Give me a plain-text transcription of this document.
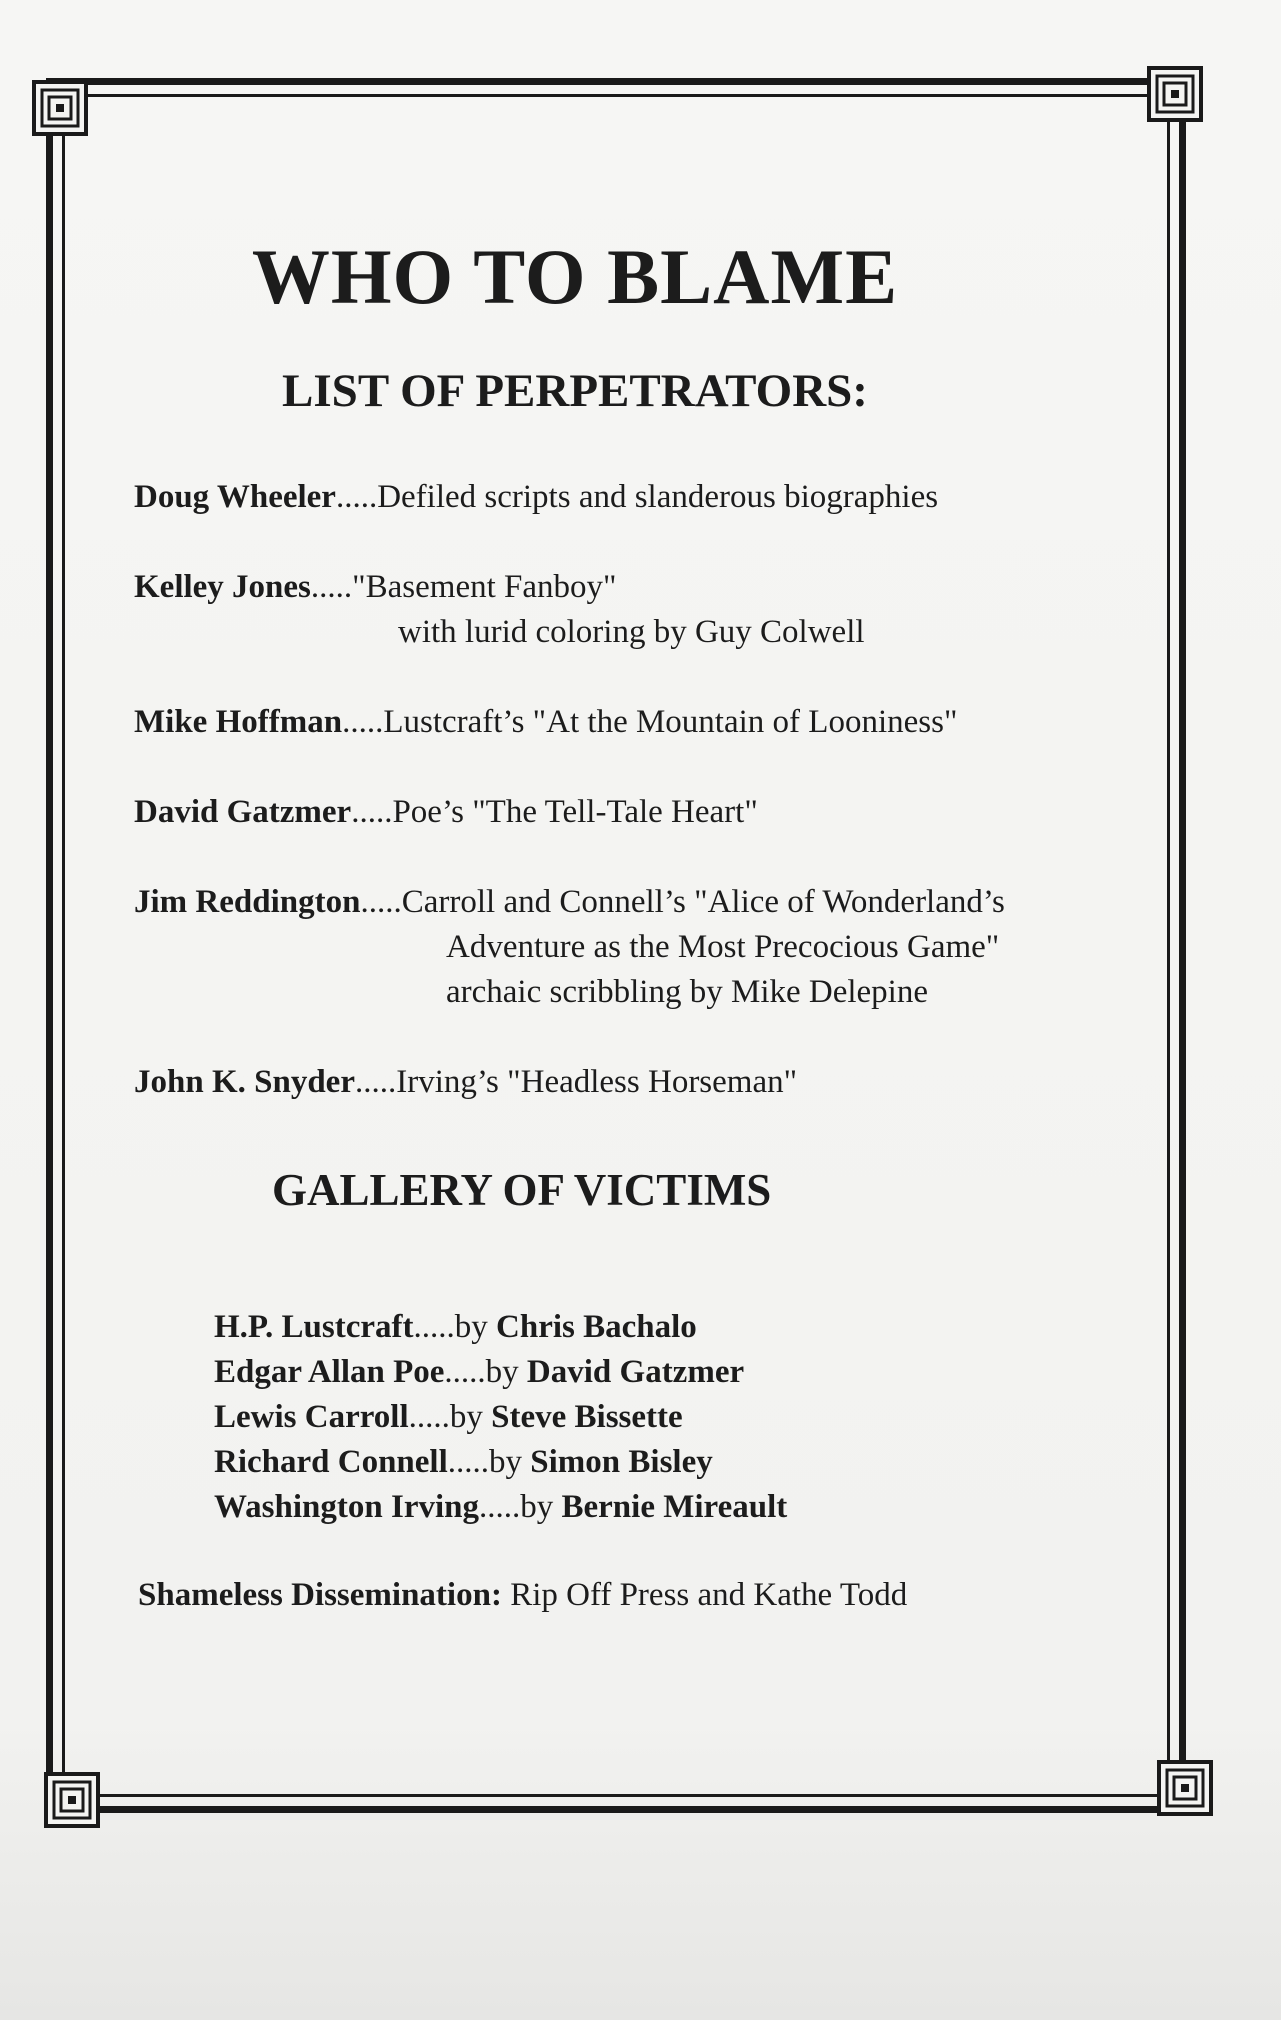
WHO TO BLAME
LIST OF PERPETRATORS:

Doug Wheeler.....Defiled scripts and slanderous biographies

Kelley Jones....."Basement Fanboy"
with lurid coloring by Guy Colwell

Mike Hoffman.....Lustcraft’s "At the Mountain of Looniness"

David Gatzmer.....Poe’s "The Tell-Tale Heart"

Jim Reddington.....Carroll and Connell’s "Alice of Wonderland’s
Adventure as the Most Precocious Game"
archaic scribbling by Mike Delepine

John K. Snyder.....Irving’s "Headless Horseman"

GALLERY OF VICTIMS

H.P. Lustcraft.....by Chris Bachalo

Edgar Allan Poe.....by David Gatzmer

Lewis Carroll.....by Steve Bissette

Richard Connell.....by Simon Bisley

Washington Irving.....by Bernie Mireault

Shameless Dissemination: Rip Off Press and Kathe Todd
